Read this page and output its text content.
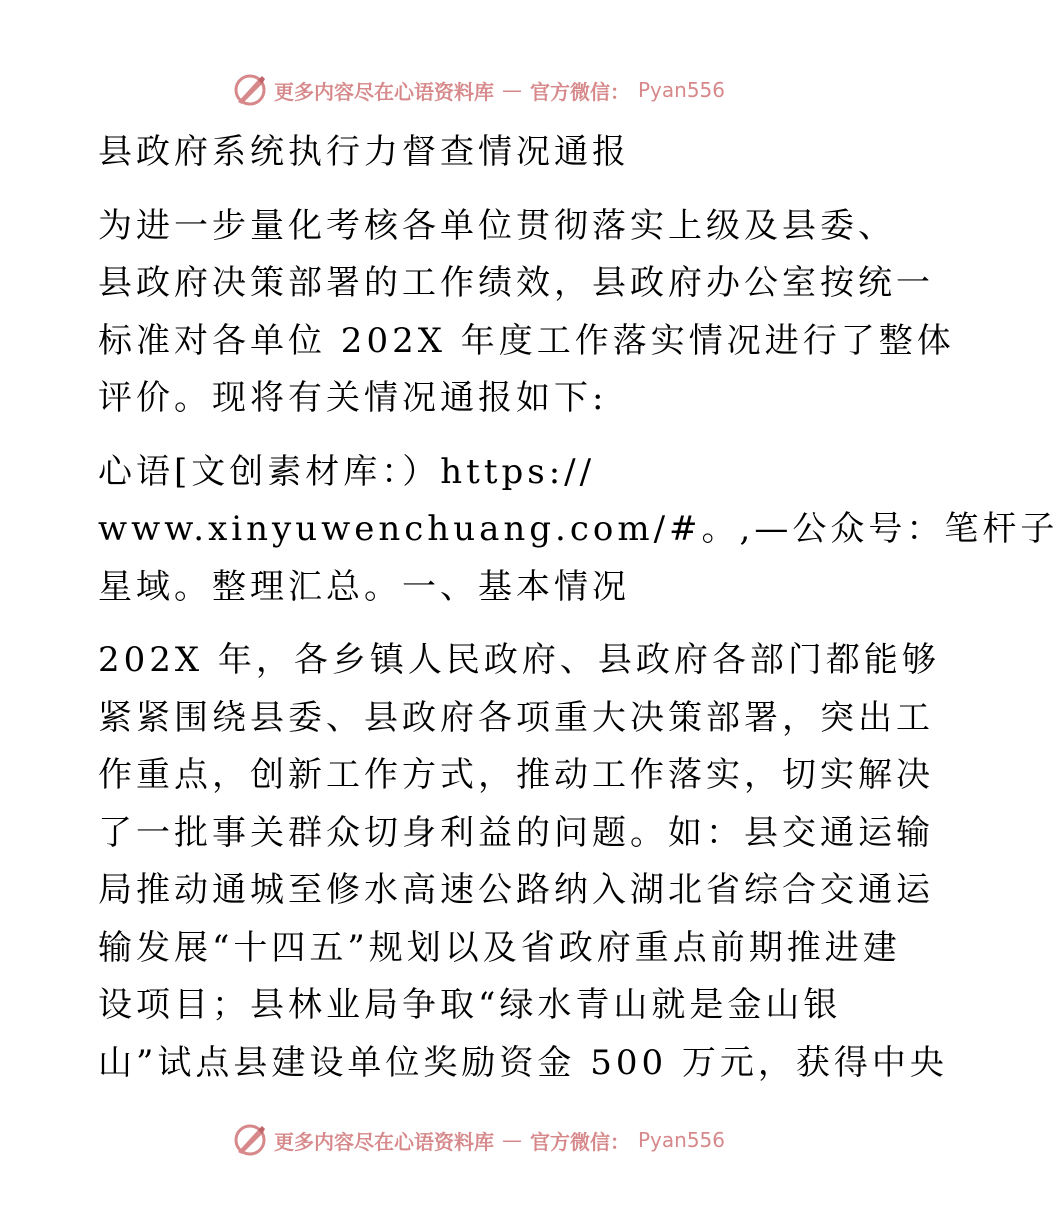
更多内容尽在心语资料库 — 官方微信： Pyan556
县政府系统执行力督查情况通报
为进一步量化考核各单位贯彻落实上级及县委、
县政府决策部署的工作绩效，县政府办公室按统一
标准对各单位 202X 年度工作落实情况进行了整体
评价。现将有关情况通报如下:
心语[文创素材库：）https://
www.xinyuwenchuang.com/#。,—公众号：笔杆子
星域。整理汇总。一、基本情况
202X 年，各乡镇人民政府、县政府各部门都能够
紧紧围绕县委、县政府各项重大决策部署，突出工
作重点，创新工作方式，推动工作落实，切实解决
了一批事关群众切身利益的问题。如：县交通运输
局推动通城至修水高速公路纳入湖北省综合交通运
输发展“十四五”规划以及省政府重点前期推进建
设项目；县林业局争取“绿水青山就是金山银
山”试点县建设单位奖励资金 500 万元，获得中央
更多内容尽在心语资料库 — 官方微信： Pyan556
